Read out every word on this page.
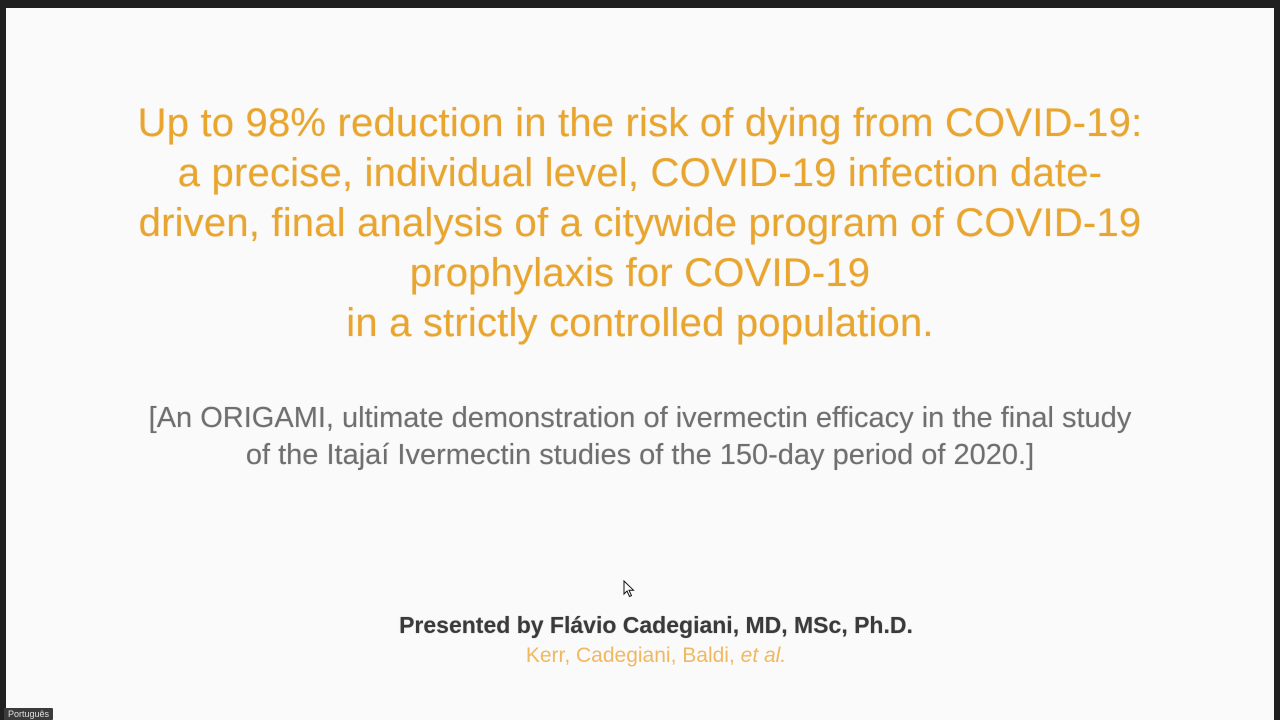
Up to 98% reduction in the risk of dying from COVID-19:
a precise, individual level, COVID-19 infection date-
driven, final analysis of a citywide program of COVID-19
prophylaxis for COVID-19
in a strictly controlled population.
[An ORIGAMI, ultimate demonstration of ivermectin efficacy in the final study
of the Itajaí Ivermectin studies of the 150-day period of 2020.]
Presented by Flávio Cadegiani, MD, MSc, Ph.D.
Kerr, Cadegiani, Baldi, et al.
Português
